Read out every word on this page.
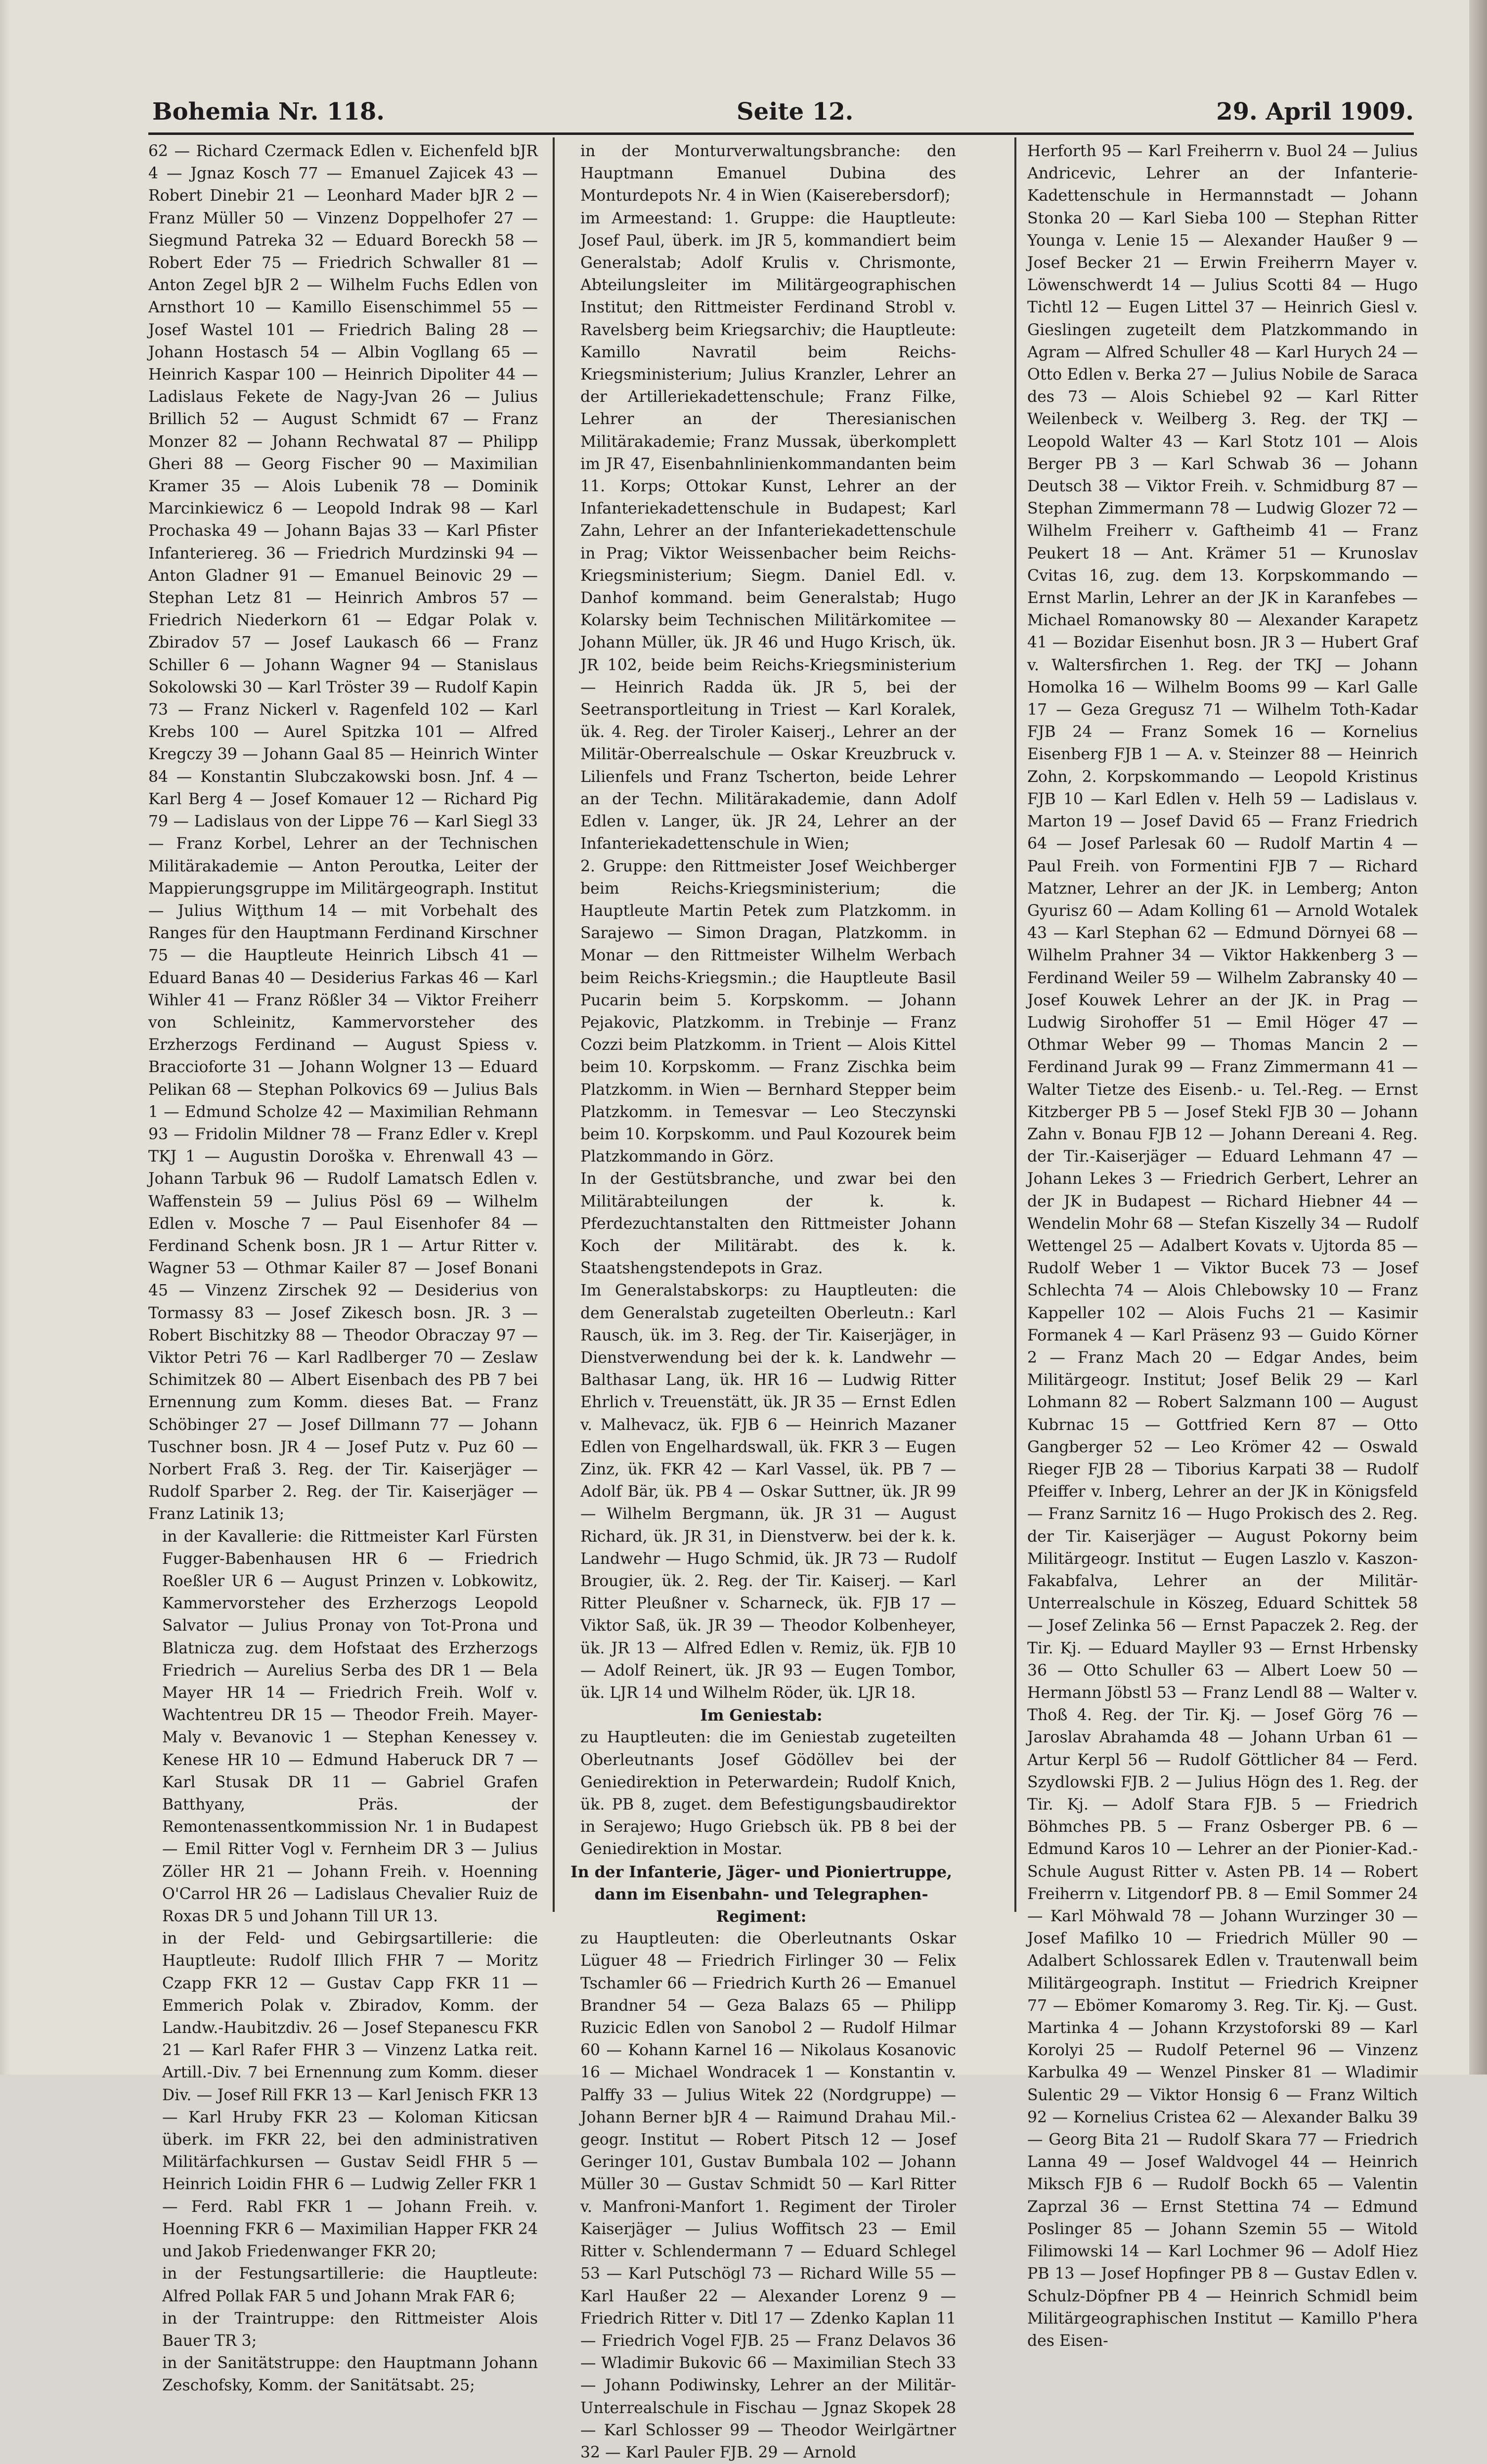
Bohemia Nr. 118.	Seite 12.	29. April 1909.

62 — Richard Czermack Edlen v. Eichenfeld bJR 4 — Jgnaz Kosch 77 — Emanuel Zajicek 43 — Robert Dinebir 21 — Leonhard Mader bJR 2 — Franz Müller 50 — Vinzenz Doppelhofer 27 — Siegmund Patreka 32 — Eduard Boreckh 58 — Robert Eder 75 — Friedrich Schwaller 81 — Anton Zegel bJR 2 — Wilhelm Fuchs Edlen von Arnsthort 10 — Kamillo Eisenschimmel 55 — Josef Wastel 101 — Friedrich Baling 28 — Johann Hostasch 54 — Albin Vogllang 65 — Heinrich Kaspar 100 — Heinrich Dipoliter 44 — Ladislaus Fekete de Nagy-Jvan 26 — Julius Brillich 52 — August Schmidt 67 — Franz Monzer 82 — Johann Rechwatal 87 — Philipp Gheri 88 — Georg Fischer 90 — Maximilian Kramer 35 — Alois Lubenik 78 — Dominik Marcinkiewicz 6 — Leopold Indrak 98 — Karl Prochaska 49 — Johann Bajas 33 — Karl Pfister Infanteriereg. 36 — Friedrich Murdzinski 94 — Anton Gladner 91 — Emanuel Beinovic 29 — Stephan Letz 81 — Heinrich Ambros 57 — Friedrich Niederkorn 61 — Edgar Polak v. Zbiradov 57 — Josef Laukasch 66 — Franz Schiller 6 — Johann Wagner 94 — Stanislaus Sokolowski 30 — Karl Tröster 39 — Rudolf Kapin 73 — Franz Nickerl v. Ragenfeld 102 — Karl Krebs 100 — Aurel Spitzka 101 — Alfred Kregczy 39 — Johann Gaal 85 — Heinrich Winter 84 — Konstantin Slubczakowski bosn. Jnf. 4 — Karl Berg 4 — Josef Komauer 12 — Richard Pig 79 — Ladislaus von der Lippe 76 — Karl Siegl 33 — Franz Korbel, Lehrer an der Technischen Militärakademie — Anton Peroutka, Leiter der Mappierungsgruppe im Militärgeograph. Institut — Julius Wiţthum 14 — mit Vorbehalt des Ranges für den Hauptmann Ferdinand Kirschner 75 — die Hauptleute Heinrich Libsch 41 — Eduard Banas 40 — Desiderius Farkas 46 — Karl Wihler 41 — Franz Rößler 34 — Viktor Freiherr von Schleinitz, Kammervorsteher des Erzherzogs Ferdinand — August Spiess v. Braccioforte 31 — Johann Wolgner 13 — Eduard Pelikan 68 — Stephan Polkovics 69 — Julius Bals 1 — Edmund Scholze 42 — Maximilian Rehmann 93 — Fridolin Mildner 78 — Franz Edler v. Krepl TKJ 1 — Augustin Doroška v. Ehrenwall 43 — Johann Tarbuk 96 — Rudolf Lamatsch Edlen v. Waffenstein 59 — Julius Pösl 69 — Wilhelm Edlen v. Mosche 7 — Paul Eisenhofer 84 — Ferdinand Schenk bosn. JR 1 — Artur Ritter v. Wagner 53 — Othmar Kailer 87 — Josef Bonani 45 — Vinzenz Zirschek 92 — Desiderius von Tormassy 83 — Josef Zikesch bosn. JR. 3 — Robert Bischitzky 88 — Theodor Obraczay 97 — Viktor Petri 76 — Karl Radlberger 70 — Zeslaw Schimitzek 80 — Albert Eisenbach des PB 7 bei Ernennung zum Komm. dieses Bat. — Franz Schöbinger 27 — Josef Dillmann 77 — Johann Tuschner bosn. JR 4 — Josef Putz v. Puz 60 — Norbert Fraß 3. Reg. der Tir. Kaiserjäger — Rudolf Sparber 2. Reg. der Tir. Kaiserjäger — Franz Latinik 13;

in der Kavallerie: die Rittmeister Karl Fürsten Fugger-Babenhausen HR 6 — Friedrich Roeßler UR 6 — August Prinzen v. Lobkowitz, Kammervorsteher des Erzherzogs Leopold Salvator — Julius Pronay von Tot-Prona und Blatnicza zug. dem Hofstaat des Erzherzogs Friedrich — Aurelius Serba des DR 1 — Bela Mayer HR 14 — Friedrich Freih. Wolf v. Wachtentreu DR 15 — Theodor Freih. Mayer-Maly v. Bevanovic 1 — Stephan Kenessey v. Kenese HR 10 — Edmund Haberuck DR 7 — Karl Stusak DR 11 — Gabriel Grafen Batthyany, Präs. der Remontenassentkommission Nr. 1 in Budapest — Emil Ritter Vogl v. Fernheim DR 3 — Julius Zöller HR 21 — Johann Freih. v. Hoenning O'Carrol HR 26 — Ladislaus Chevalier Ruiz de Roxas DR 5 und Johann Till UR 13.

in der Feld- und Gebirgsartillerie: die Hauptleute: Rudolf Illich FHR 7 — Moritz Czapp FKR 12 — Gustav Capp FKR 11 — Emmerich Polak v. Zbiradov, Komm. der Landw.-Haubitzdiv. 26 — Josef Stepanescu FKR 21 — Karl Rafer FHR 3 — Vinzenz Latka reit. Artill.-Div. 7 bei Ernennung zum Komm. dieser Div. — Josef Rill FKR 13 — Karl Jenisch FKR 13 — Karl Hruby FKR 23 — Koloman Kiticsan überk. im FKR 22, bei den administrativen Militärfachkursen — Gustav Seidl FHR 5 — Heinrich Loidin FHR 6 — Ludwig Zeller FKR 1 — Ferd. Rabl FKR 1 — Johann Freih. v. Hoenning FKR 6 — Maximilian Happer FKR 24 und Jakob Friedenwanger FKR 20;

in der Festungsartillerie: die Hauptleute: Alfred Pollak FAR 5 und Johann Mrak FAR 6;

in der Traintruppe: den Rittmeister Alois Bauer TR 3;

in der Sanitätstruppe: den Hauptmann Johann Zeschofsky, Komm. der Sanitätsabt. 25;

in der Monturverwaltungsbranche: den Hauptmann Emanuel Dubina des Monturdepots Nr. 4 in Wien (Kaiserebersdorf);

im Armeestand: 1. Gruppe: die Hauptleute: Josef Paul, überk. im JR 5, kommandiert beim Generalstab; Adolf Krulis v. Chrismonte, Abteilungsleiter im Militärgeographischen Institut; den Rittmeister Ferdinand Strobl v. Ravelsberg beim Kriegsarchiv; die Hauptleute: Kamillo Navratil beim Reichs-Kriegsministerium; Julius Kranzler, Lehrer an der Artilleriekadettenschule; Franz Filke, Lehrer an der Theresianischen Militärakademie; Franz Mussak, überkomplett im JR 47, Eisenbahnlinienkommandanten beim 11. Korps; Ottokar Kunst, Lehrer an der Infanteriekadettenschule in Budapest; Karl Zahn, Lehrer an der Infanteriekadettenschule in Prag; Viktor Weissenbacher beim Reichs-Kriegsministerium; Siegm. Daniel Edl. v. Danhof kommand. beim Generalstab; Hugo Kolarsky beim Technischen Militärkomitee — Johann Müller, ük. JR 46 und Hugo Krisch, ük. JR 102, beide beim Reichs-Kriegsministerium — Heinrich Radda ük. JR 5, bei der Seetransportleitung in Triest — Karl Koralek, ük. 4. Reg. der Tiroler Kaiserj., Lehrer an der Militär-Oberrealschule — Oskar Kreuzbruck v. Lilienfels und Franz Tscherton, beide Lehrer an der Techn. Militärakademie, dann Adolf Edlen v. Langer, ük. JR 24, Lehrer an der Infanteriekadettenschule in Wien;

2. Gruppe: den Rittmeister Josef Weichberger beim Reichs-Kriegsministerium; die Hauptleute Martin Petek zum Platzkomm. in Sarajewo — Simon Dragan, Platzkomm. in Monar — den Rittmeister Wilhelm Werbach beim Reichs-Kriegsmin.; die Hauptleute Basil Pucarin beim 5. Korpskomm. — Johann Pejakovic, Platzkomm. in Trebinje — Franz Cozzi beim Platzkomm. in Trient — Alois Kittel beim 10. Korpskomm. — Franz Zischka beim Platzkomm. in Wien — Bernhard Stepper beim Platzkomm. in Temesvar — Leo Steczynski beim 10. Korpskomm. und Paul Kozourek beim Platzkommando in Görz.

In der Gestütsbranche, und zwar bei den Militärabteilungen der k. k. Pferdezuchtanstalten den Rittmeister Johann Koch der Militärabt. des k. k. Staatshengstendepots in Graz.

Im Generalstabskorps: zu Hauptleuten: die dem Generalstab zugeteilten Oberleutn.: Karl Rausch, ük. im 3. Reg. der Tir. Kaiserjäger, in Dienstverwendung bei der k. k. Landwehr — Balthasar Lang, ük. HR 16 — Ludwig Ritter Ehrlich v. Treuenstätt, ük. JR 35 — Ernst Edlen v. Malhevacz, ük. FJB 6 — Heinrich Mazaner Edlen von Engelhardswall, ük. FKR 3 — Eugen Zinz, ük. FKR 42 — Karl Vassel, ük. PB 7 — Adolf Bär, ük. PB 4 — Oskar Suttner, ük. JR 99 — Wilhelm Bergmann, ük. JR 31 — August Richard, ük. JR 31, in Dienstverw. bei der k. k. Landwehr — Hugo Schmid, ük. JR 73 — Rudolf Brougier, ük. 2. Reg. der Tir. Kaiserj. — Karl Ritter Pleußner v. Scharneck, ük. FJB 17 — Viktor Saß, ük. JR 39 — Theodor Kolbenheyer, ük. JR 13 — Alfred Edlen v. Remiz, ük. FJB 10 — Adolf Reinert, ük. JR 93 — Eugen Tombor, ük. LJR 14 und Wilhelm Röder, ük. LJR 18.

Im Geniestab:

zu Hauptleuten: die im Geniestab zugeteilten Oberleutnants Josef Gödöllev bei der Geniedirektion in Peterwardein; Rudolf Knich, ük. PB 8, zuget. dem Befestigungsbaudirektor in Serajewo; Hugo Griebsch ük. PB 8 bei der Geniedirektion in Mostar.

In der Infanterie, Jäger- und Pioniertruppe, dann im Eisenbahn- und Telegraphen-Regiment:

zu Hauptleuten: die Oberleutnants Oskar Lüguer 48 — Friedrich Firlinger 30 — Felix Tschamler 66 — Friedrich Kurth 26 — Emanuel Brandner 54 — Geza Balazs 65 — Philipp Ruzicic Edlen von Sanobol 2 — Rudolf Hilmar 60 — Kohann Karnel 16 — Nikolaus Kosanovic 16 — Michael Wondracek 1 — Konstantin v. Palffy 33 — Julius Witek 22 (Nordgruppe) — Johann Berner bJR 4 — Raimund Drahau Mil.-geogr. Institut — Robert Pitsch 12 — Josef Geringer 101, Gustav Bumbala 102 — Johann Müller 30 — Gustav Schmidt 50 — Karl Ritter v. Manfroni-Manfort 1. Regiment der Tiroler Kaiserjäger — Julius Woffitsch 23 — Emil Ritter v. Schlendermann 7 — Eduard Schlegel 53 — Karl Putschögl 73 — Richard Wille 55 — Karl Haußer 22 — Alexander Lorenz 9 — Friedrich Ritter v. Ditl 17 — Zdenko Kaplan 11 — Friedrich Vogel FJB. 25 — Franz Delavos 36 — Wladimir Bukovic 66 — Maximilian Stech 33 — Johann Podiwinsky, Lehrer an der Militär-Unterrealschule in Fischau — Jgnaz Skopek 28 — Karl Schlosser 99 — Theodor Weirlgärtner 32 — Karl Pauler FJB. 29 — Arnold

Herforth 95 — Karl Freiherrn v. Buol 24 — Julius Andricevic, Lehrer an der Infanterie-Kadettenschule in Hermannstadt — Johann Stonka 20 — Karl Sieba 100 — Stephan Ritter Younga v. Lenie 15 — Alexander Haußer 9 — Josef Becker 21 — Erwin Freiherrn Mayer v. Löwenschwerdt 14 — Julius Scotti 84 — Hugo Tichtl 12 — Eugen Littel 37 — Heinrich Giesl v. Gieslingen zugeteilt dem Platzkommando in Agram — Alfred Schuller 48 — Karl Hurych 24 — Otto Edlen v. Berka 27 — Julius Nobile de Saraca des 73 — Alois Schiebel 92 — Karl Ritter Weilenbeck v. Weilberg 3. Reg. der TKJ — Leopold Walter 43 — Karl Stotz 101 — Alois Berger PB 3 — Karl Schwab 36 — Johann Deutsch 38 — Viktor Freih. v. Schmidburg 87 — Stephan Zimmermann 78 — Ludwig Glozer 72 — Wilhelm Freiherr v. Gaftheimb 41 — Franz Peukert 18 — Ant. Krämer 51 — Krunoslav Cvitas 16, zug. dem 13. Korpskommando — Ernst Marlin, Lehrer an der JK in Karanfebes — Michael Romanowsky 80 — Alexander Karapetz 41 — Bozidar Eisenhut bosn. JR 3 — Hubert Graf v. Waltersfirchen 1. Reg. der TKJ — Johann Homolka 16 — Wilhelm Booms 99 — Karl Galle 17 — Geza Gregusz 71 — Wilhelm Toth-Kadar FJB 24 — Franz Somek 16 — Kornelius Eisenberg FJB 1 — A. v. Steinzer 88 — Heinrich Zohn, 2. Korpskommando — Leopold Kristinus FJB 10 — Karl Edlen v. Helh 59 — Ladislaus v. Marton 19 — Josef David 65 — Franz Friedrich 64 — Josef Parlesak 60 — Rudolf Martin 4 — Paul Freih. von Formentini FJB 7 — Richard Matzner, Lehrer an der JK. in Lemberg; Anton Gyurisz 60 — Adam Kolling 61 — Arnold Wotalek 43 — Karl Stephan 62 — Edmund Dörnyei 68 — Wilhelm Prahner 34 — Viktor Hakkenberg 3 — Ferdinand Weiler 59 — Wilhelm Zabransky 40 — Josef Kouwek Lehrer an der JK. in Prag — Ludwig Sirohoffer 51 — Emil Höger 47 — Othmar Weber 99 — Thomas Mancin 2 — Ferdinand Jurak 99 — Franz Zimmermann 41 — Walter Tietze des Eisenb.- u. Tel.-Reg. — Ernst Kitzberger PB 5 — Josef Stekl FJB 30 — Johann Zahn v. Bonau FJB 12 — Johann Dereani 4. Reg. der Tir.-Kaiserjäger — Eduard Lehmann 47 — Johann Lekes 3 — Friedrich Gerbert, Lehrer an der JK in Budapest — Richard Hiebner 44 — Wendelin Mohr 68 — Stefan Kiszelly 34 — Rudolf Wettengel 25 — Adalbert Kovats v. Ujtorda 85 — Rudolf Weber 1 — Viktor Bucek 73 — Josef Schlechta 74 — Alois Chlebowsky 10 — Franz Kappeller 102 — Alois Fuchs 21 — Kasimir Formanek 4 — Karl Präsenz 93 — Guido Körner 2 — Franz Mach 20 — Edgar Andes, beim Militärgeogr. Institut; Josef Belik 29 — Karl Lohmann 82 — Robert Salzmann 100 — August Kubrnac 15 — Gottfried Kern 87 — Otto Gangberger 52 — Leo Krömer 42 — Oswald Rieger FJB 28 — Tiborius Karpati 38 — Rudolf Pfeiffer v. Inberg, Lehrer an der JK in Königsfeld — Franz Sarnitz 16 — Hugo Prokisch des 2. Reg. der Tir. Kaiserjäger — August Pokorny beim Militärgeogr. Institut — Eugen Laszlo v. Kaszon-Fakabfalva, Lehrer an der Militär-Unterrealschule in Köszeg, Eduard Schittek 58 — Josef Zelinka 56 — Ernst Papaczek 2. Reg. der Tir. Kj. — Eduard Mayller 93 — Ernst Hrbensky 36 — Otto Schuller 63 — Albert Loew 50 — Hermann Jöbstl 53 — Franz Lendl 88 — Walter v. Thoß 4. Reg. der Tir. Kj. — Josef Görg 76 — Jaroslav Abrahamda 48 — Johann Urban 61 — Artur Kerpl 56 — Rudolf Göttlicher 84 — Ferd. Szydlowski FJB. 2 — Julius Högn des 1. Reg. der Tir. Kj. — Adolf Stara FJB. 5 — Friedrich Böhmches PB. 5 — Franz Osberger PB. 6 — Edmund Karos 10 — Lehrer an der Pionier-Kad.-Schule August Ritter v. Asten PB. 14 — Robert Freiherrn v. Litgendorf PB. 8 — Emil Sommer 24 — Karl Möhwald 78 — Johann Wurzinger 30 — Josef Mafilko 10 — Friedrich Müller 90 — Adalbert Schlossarek Edlen v. Trautenwall beim Militärgeograph. Institut — Friedrich Kreipner 77 — Ebömer Komaromy 3. Reg. Tir. Kj. — Gust. Martinka 4 — Johann Krzystoforski 89 — Karl Korolyi 25 — Rudolf Peternel 96 — Vinzenz Karbulka 49 — Wenzel Pinsker 81 — Wladimir Sulentic 29 — Viktor Honsig 6 — Franz Wiltich 92 — Kornelius Cristea 62 — Alexander Balku 39 — Georg Bita 21 — Rudolf Skara 77 — Friedrich Lanna 49 — Josef Waldvogel 44 — Heinrich Miksch FJB 6 — Rudolf Bockh 65 — Valentin Zaprzal 36 — Ernst Stettina 74 — Edmund Poslinger 85 — Johann Szemin 55 — Witold Filimowski 14 — Karl Lochmer 96 — Adolf Hiez PB 13 — Josef Hopfinger PB 8 — Gustav Edlen v. Schulz-Döpfner PB 4 — Heinrich Schmidl beim Militärgeographischen Institut — Kamillo P'hera des Eisen-
